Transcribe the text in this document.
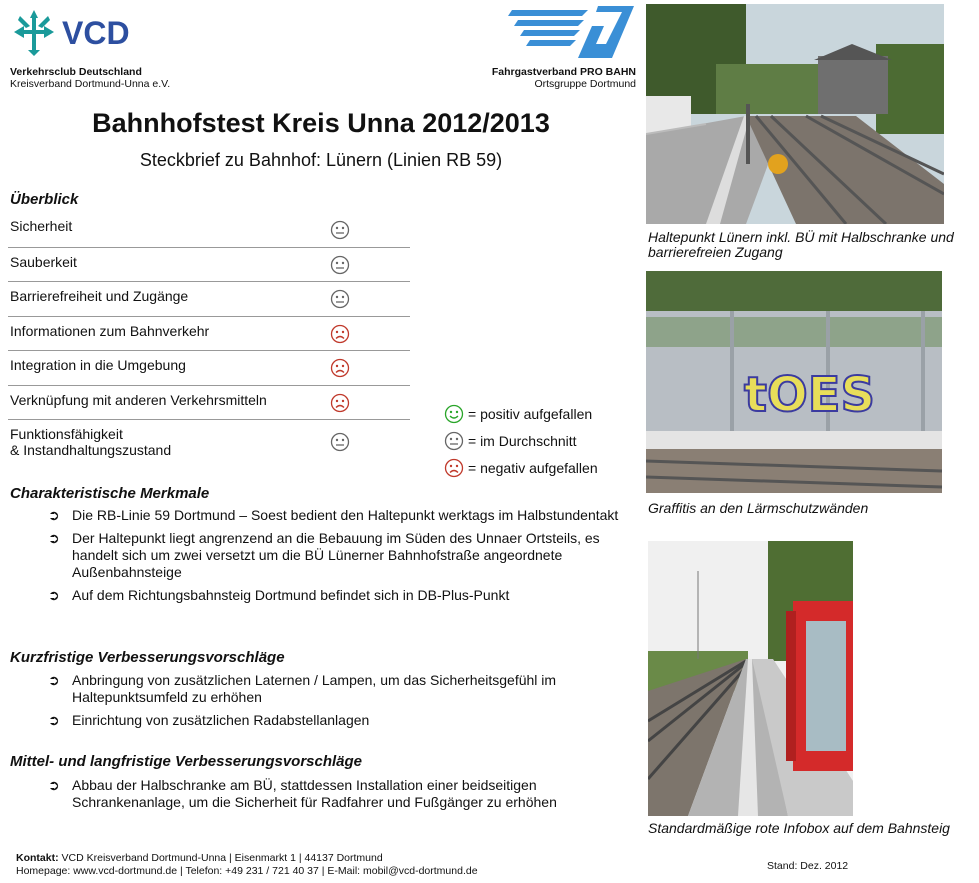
VCD
Verkehrsclub Deutschland
Kreisverband Dortmund-Unna e.V.
Fahrgastverband PRO BAHN
Ortsgruppe Dortmund
Bahnhofstest Kreis Unna 2012/2013
Steckbrief zu Bahnhof: Lünern (Linien RB 59)
Überblick
Sicherheit
Sauberkeit
Barrierefreiheit und Zugänge
Informationen zum Bahnverkehr
Integration in die Umgebung
Verknüpfung mit anderen Verkehrsmitteln
Funktionsfähigkeit
& Instandhaltungszustand
= positiv aufgefallen
= im Durchschnitt
= negativ aufgefallen
Charakteristische Merkmale
➲ Die RB-Linie 59 Dortmund – Soest bedient den Haltepunkt werktags im Halbstundentakt
➲ Der Haltepunkt liegt angrenzend an die Bebauung im Süden des Unnaer Ortsteils, es handelt sich um zwei versetzt um die BÜ Lünerner Bahnhofstraße angeordnete Außenbahnsteige
➲ Auf dem Richtungsbahnsteig Dortmund befindet sich in DB-Plus-Punkt
Kurzfristige Verbesserungsvorschläge
➲ Anbringung von zusätzlichen Laternen / Lampen, um das Sicherheitsgefühl im Haltepunktsumfeld zu erhöhen
➲ Einrichtung von zusätzlichen Radabstellanlagen
Mittel- und langfristige Verbesserungsvorschläge
➲ Abbau der Halbschranke am BÜ, stattdessen Installation einer beidseitigen Schrankenanlage, um die Sicherheit für Radfahrer und Fußgänger zu erhöhen
Kontakt: VCD Kreisverband Dortmund-Unna | Eisenmarkt 1 | 44137 Dortmund
Homepage: www.vcd-dortmund.de | Telefon: +49 231 / 721 40 37 | E-Mail: mobil@vcd-dortmund.de	Stand: Dez. 2012
Haltepunkt Lünern inkl. BÜ mit Halbschranke und barrierefreien Zugang
tOES
Graffitis an den Lärmschutzwänden
Standardmäßige rote Infobox auf dem Bahnsteig
